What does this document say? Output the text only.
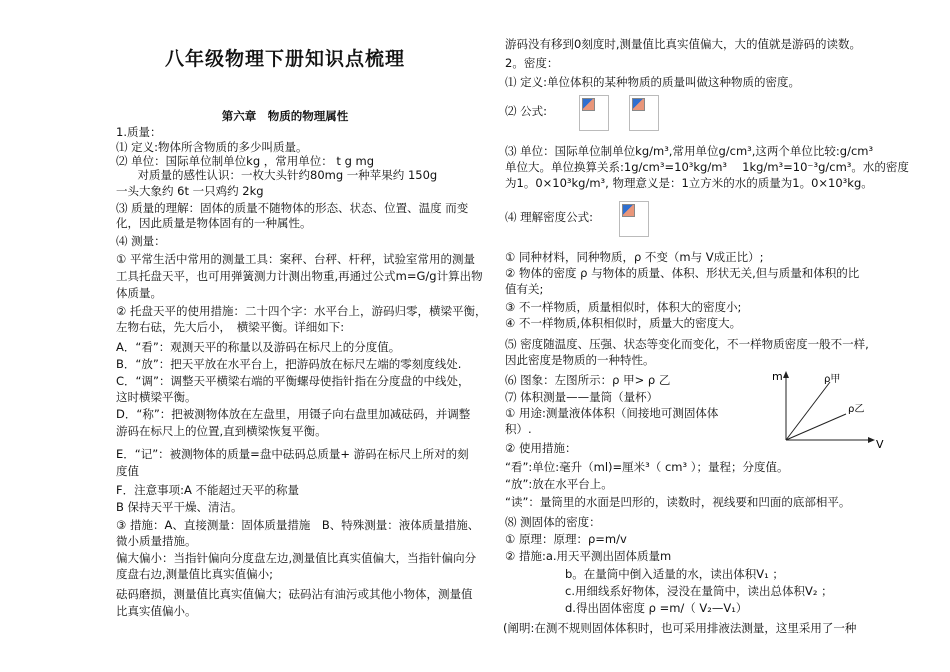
八年级物理下册知识点梳理
第六章　物质的物理属性
1.质量：
⑴ 定义:物体所含物质的多少叫质量。
⑵ 单位：国际单位制单位kg ，常用单位： t g mg
　对质量的感性认识：一枚大头针约80mg 一种苹果约 150g
一头大象约 6t 一只鸡约 2kg
⑶ 质量的理解：固体的质量不随物体的形态、状态、位置、温度 而变
化，因此质量是物体固有的一种属性。
⑷ 测量：
① 平常生活中常用的测量工具：案秤、台秤、杆秤，试验室常用的测量
工具托盘天平，也可用弹簧测力计测出物重,再通过公式m=G/g计算出物
体质量。
② 托盘天平的使用措施：二十四个字：水平台上，游码归零，横梁平衡，
左物右砝，先大后小，　横梁平衡。详细如下:
A．“看”：观测天平的称量以及游码在标尺上的分度值。
B．“放”：把天平放在水平台上，把游码放在标尺左端的零刻度线处.
C．“调”：调整天平横梁右端的平衡螺母使指针指在分度盘的中线处，
这时横梁平衡。
D．“称”：把被测物体放在左盘里，用镊子向右盘里加减砝码，并调整
游码在标尺上的位置,直到横梁恢复平衡。
E．“记”：被测物体的质量=盘中砝码总质量+ 游码在标尺上所对的刻
度值
F．注意事项:A 不能超过天平的称量
B 保持天平干燥、清洁。
③ 措施：A、直接测量：固体质量措施　B、特殊测量：液体质量措施、
微小质量措施。
偏大偏小：当指针偏向分度盘左边,测量值比真实值偏大，当指针偏向分
度盘右边,测量值比真实值偏小;
砝码磨损，测量值比真实值偏大；砝码沾有油污或其他小物体，测量值
比真实值偏小。
游码没有移到0刻度时,测量值比真实值偏大，大的值就是游码的读数。
2。密度：
⑴ 定义:单位体积的某种物质的质量叫做这种物质的密度。
⑵ 公式:
⑶ 单位：国际单位制单位kg/m³,常用单位g/cm³,这两个单位比较:g/cm³
单位大。单位换算关系:1g/cm³=10³kg/m³　 1kg/m³=10⁻³g/cm³。水的密度
为1。0×10³kg/m³, 物理意义是：1立方米的水的质量为1。0×10³kg。
⑷ 理解密度公式:
① 同种材料，同种物质，ρ 不变（m与 V成正比）;
② 物体的密度 ρ 与物体的质量、体积、形状无关,但与质量和体积的比
值有关;
③ 不一样物质，质量相似时，体积大的密度小;
④ 不一样物质,体积相似时，质量大的密度大。
⑸ 密度随温度、压强、状态等变化而变化，不一样物质密度一般不一样,
因此密度是物质的一种特性。
⑹ 图象：左图所示：ρ 甲> ρ 乙
⑺ 体积测量——量筒（量杯）
① 用途:测量液体体积（间接地可测固体体
积）.
② 使用措施：
“看”:单位:毫升（ml)=厘米³（ cm³ ）；量程；分度值。
“放”:放在水平台上。
“读”：量筒里的水面是凹形的，读数时，视线要和凹面的底部相平。
⑻ 测固体的密度：
① 原理：原理：ρ=m/v
② 措施:a.用天平测出固体质量m
b。在量筒中倒入适量的水，读出体积V₁ ；
c.用细线系好物体，浸没在量筒中，读出总体积V₂ ；
d.得出固体密度 ρ =m/（ V₂—V₁）
(阐明:在测不规则固体体积时，也可采用排液法测量，这里采用了一种
m
V
ρ甲
ρ乙
